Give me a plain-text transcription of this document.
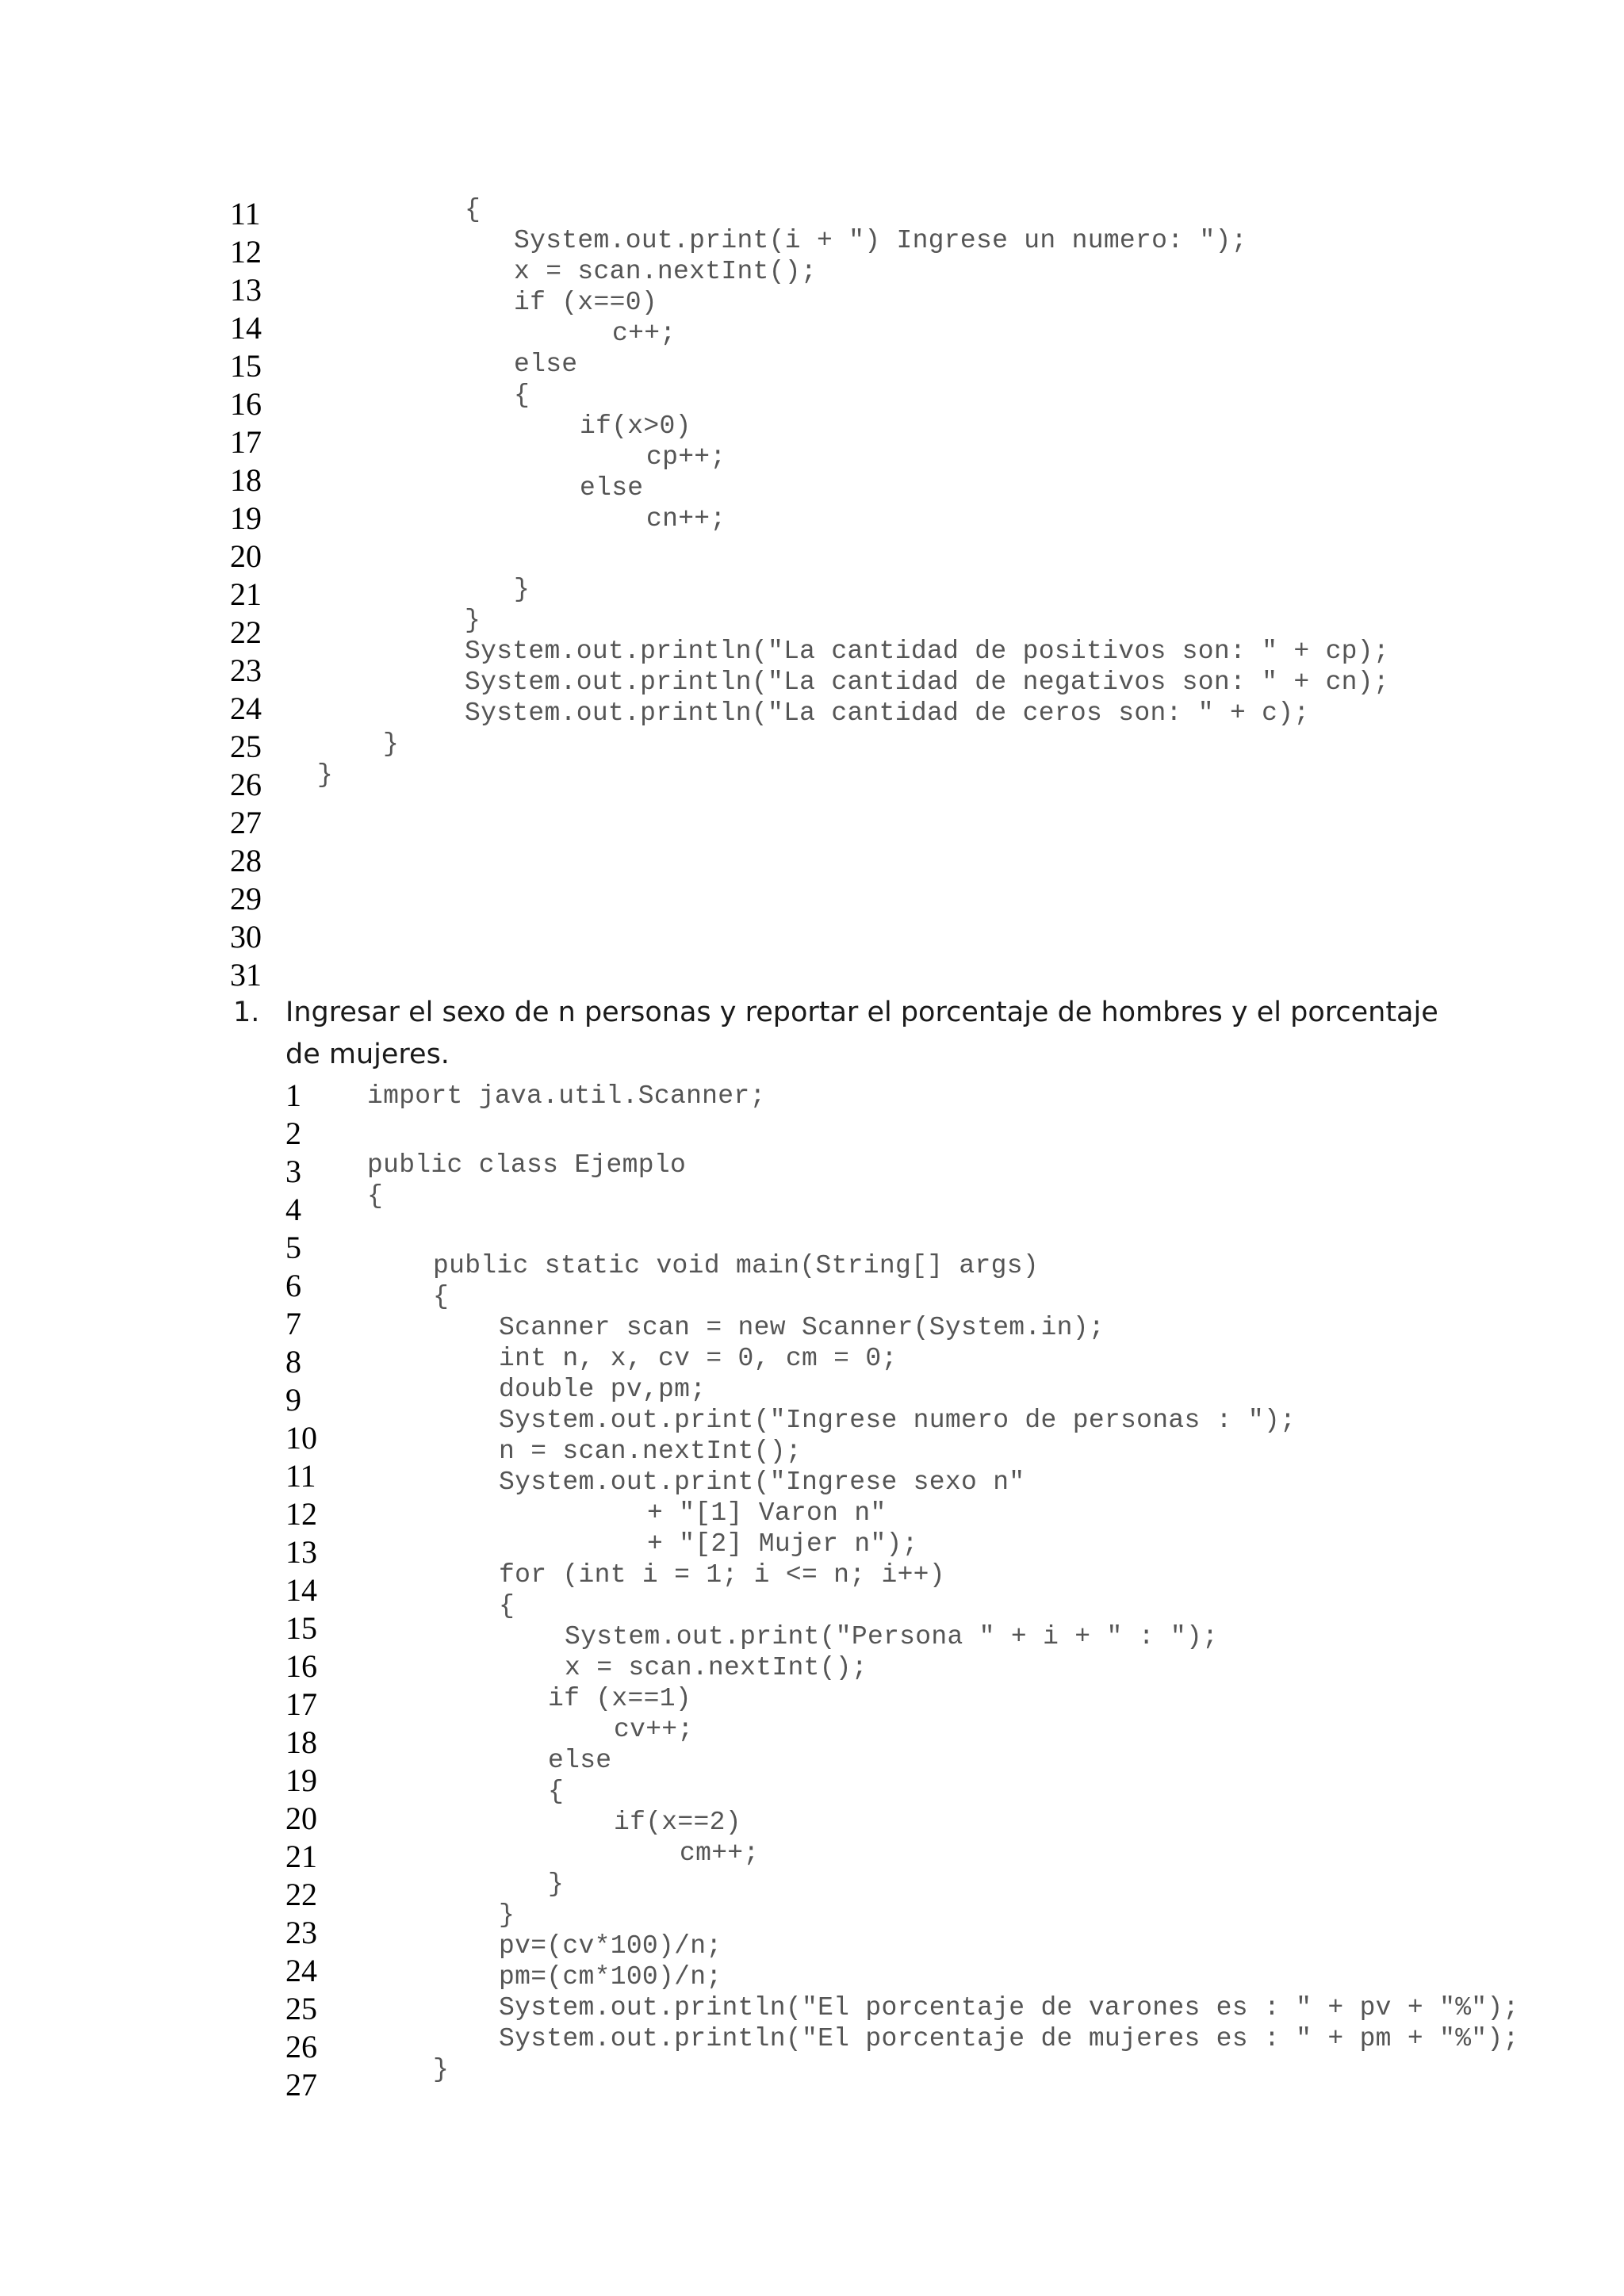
11
12
13
14
15
16
17
18
19
20
21
22
23
24
25
26
27
28
29
30
31
{
System.out.print(i + ") Ingrese un numero: ");
x = scan.nextInt();
if (x==0)
c++;
else
{
if(x>0)
cp++;
else
cn++;
}
}
System.out.println("La cantidad de positivos son: " + cp);
System.out.println("La cantidad de negativos son: " + cn);
System.out.println("La cantidad de ceros son: " + c);
}
}
1. Ingresar el sexo de n personas y reportar el porcentaje de hombres y el porcentaje
de mujeres.
1
2
3
4
5
6
7
8
9
10
11
12
13
14
15
16
17
18
19
20
21
22
23
24
25
26
27
import java.util.Scanner;
public class Ejemplo
{
public static void main(String[] args)
{
Scanner scan = new Scanner(System.in);
int n, x, cv = 0, cm = 0;
double pv,pm;
System.out.print("Ingrese numero de personas : ");
n = scan.nextInt();
System.out.print("Ingrese sexo n"
+ "[1] Varon n"
+ "[2] Mujer n");
for (int i = 1; i <= n; i++)
{
System.out.print("Persona " + i + " : ");
x = scan.nextInt();
if (x==1)
cv++;
else
{
if(x==2)
cm++;
}
}
pv=(cv*100)/n;
pm=(cm*100)/n;
System.out.println("El porcentaje de varones es : " + pv + "%");
System.out.println("El porcentaje de mujeres es : " + pm + "%");
}
